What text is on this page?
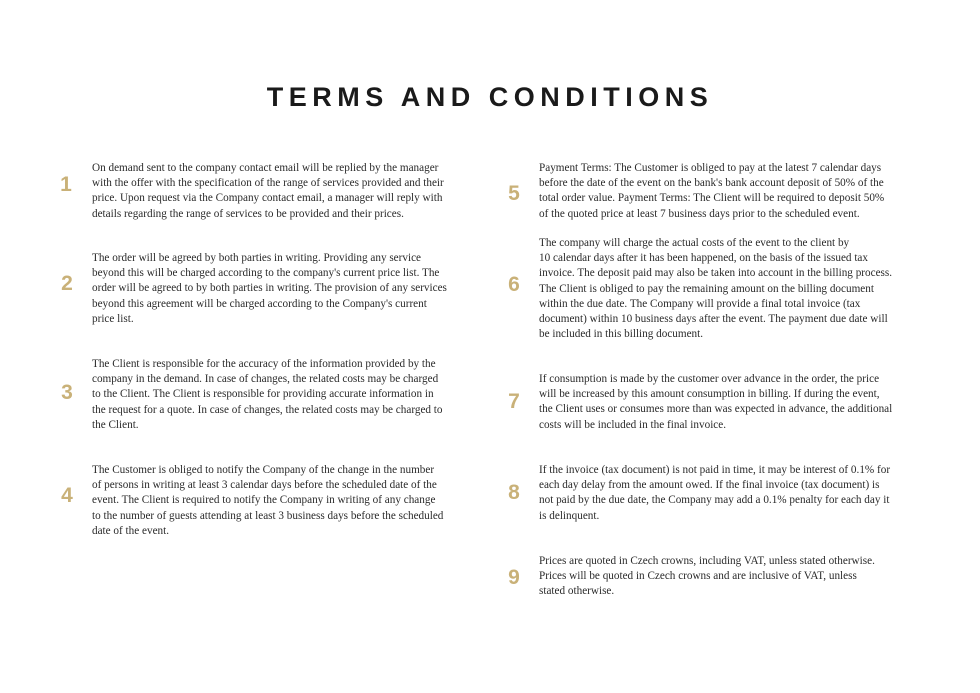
TERMS AND CONDITIONS
1
On demand sent to the company contact email will be replied by the manager
with the offer with the specification of the range of services provided and their
price. Upon request via the Company contact email, a manager will reply with
details regarding the range of services to be provided and their prices.
2
The order will be agreed by both parties in writing. Providing any service
beyond this will be charged according to the company's current price list. The
order will be agreed to by both parties in writing. The provision of any services
beyond this agreement will be charged according to the Company's current
price list.
3
The Client is responsible for the accuracy of the information provided by the
company in the demand. In case of changes, the related costs may be charged
to the Client. The Client is responsible for providing accurate information in
the request for a quote. In case of changes, the related costs may be charged to
the Client.
4
The Customer is obliged to notify the Company of the change in the number
of persons in writing at least 3 calendar days before the scheduled date of the
event. The Client is required to notify the Company in writing of any change
to the number of guests attending at least 3 business days before the scheduled
date of the event.
5
Payment Terms: The Customer is obliged to pay at the latest 7 calendar days
before the date of the event on the bank's bank account deposit of 50% of the
total order value. Payment Terms: The Client will be required to deposit 50%
of the quoted price at least 7 business days prior to the scheduled event.
6
The company will charge the actual costs of the event to the client by
10 calendar days after it has been happened, on the basis of the issued tax
invoice. The deposit paid may also be taken into account in the billing process.
The Client is obliged to pay the remaining amount on the billing document
within the due date. The Company will provide a final total invoice (tax
document) within 10 business days after the event. The payment due date will
be included in this billing document.
7
If consumption is made by the customer over advance in the order, the price
will be increased by this amount consumption in billing. If during the event,
the Client uses or consumes more than was expected in advance, the additional
costs will be included in the final invoice.
8
If the invoice (tax document) is not paid in time, it may be interest of 0.1% for
each day delay from the amount owed. If the final invoice (tax document) is
not paid by the due date, the Company may add a 0.1% penalty for each day it
is delinquent.
9
Prices are quoted in Czech crowns, including VAT, unless stated otherwise.
Prices will be quoted in Czech crowns and are inclusive of VAT, unless
stated otherwise.
